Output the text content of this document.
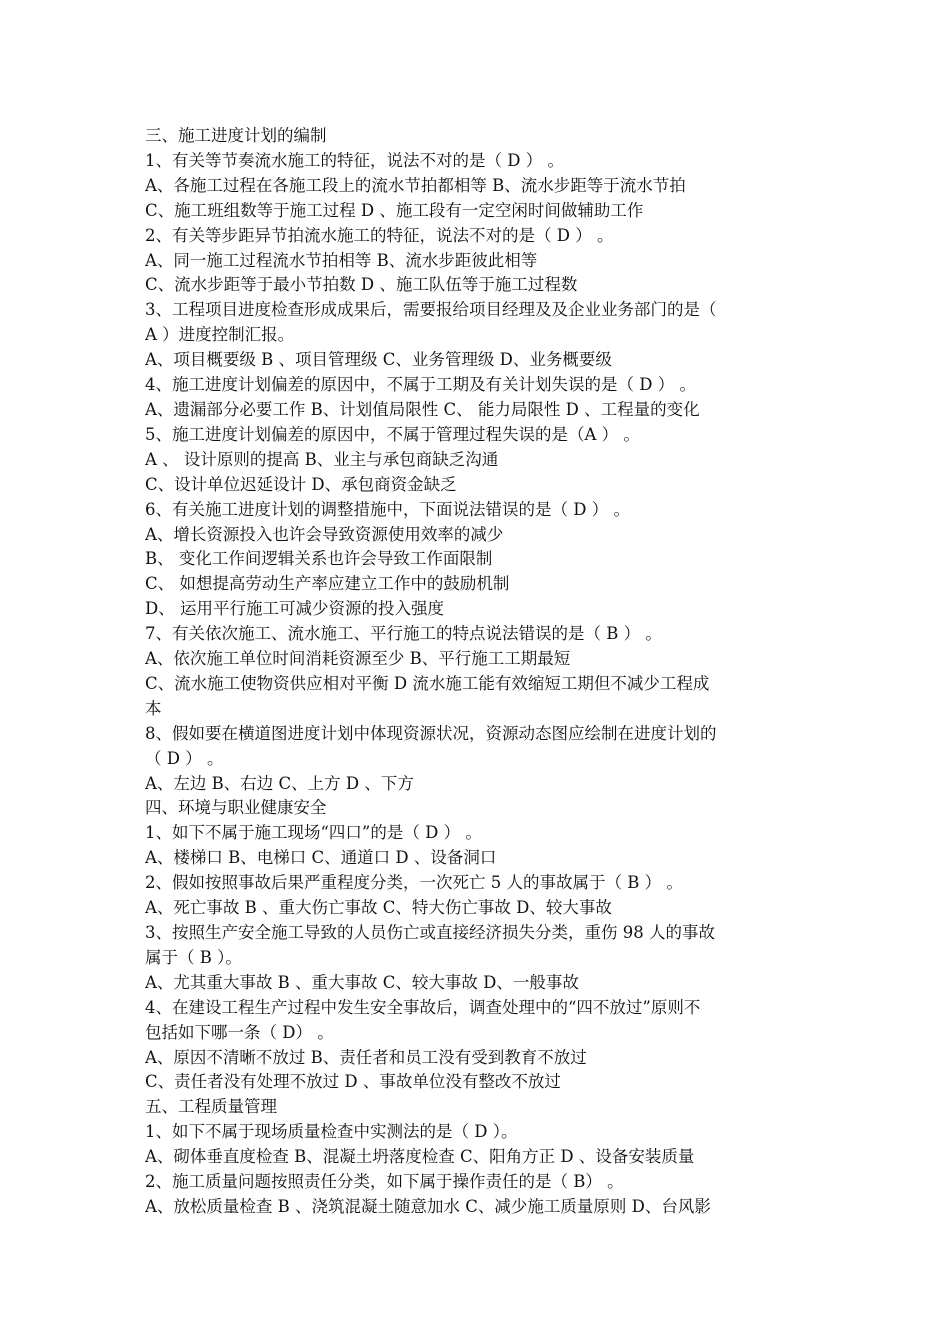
三、施工进度计划的编制
1、有关等节奏流水施工的特征，说法不对的是（ D ） 。
A、各施工过程在各施工段上的流水节拍都相等 B、流水步距等于流水节拍
C、施工班组数等于施工过程 D 、施工段有一定空闲时间做辅助工作
2、有关等步距异节拍流水施工的特征，说法不对的是（ D ） 。
A、同一施工过程流水节拍相等 B、流水步距彼此相等
C、流水步距等于最小节拍数 D 、施工队伍等于施工过程数
3、工程项目进度检查形成成果后，需要报给项目经理及及企业业务部门的是（
A ）进度控制汇报。
A、项目概要级 B 、项目管理级 C、业务管理级 D、业务概要级
4、施工进度计划偏差的原因中，不属于工期及有关计划失误的是（ D ） 。
A、遗漏部分必要工作 B、计划值局限性 C、 能力局限性 D 、工程量的变化
5、施工进度计划偏差的原因中，不属于管理过程失误的是（A ） 。
A 、 设计原则的提高 B、业主与承包商缺乏沟通
C、设计单位迟延设计 D、承包商资金缺乏
6、有关施工进度计划的调整措施中，下面说法错误的是（ D ） 。
A、增长资源投入也许会导致资源使用效率的减少
B、 变化工作间逻辑关系也许会导致工作面限制
C、 如想提高劳动生产率应建立工作中的鼓励机制
D、 运用平行施工可减少资源的投入强度
7、有关依次施工、流水施工、平行施工的特点说法错误的是（ B ） 。
A、依次施工单位时间消耗资源至少 B、平行施工工期最短
C、流水施工使物资供应相对平衡 D 流水施工能有效缩短工期但不减少工程成
本
8、假如要在横道图进度计划中体现资源状况，资源动态图应绘制在进度计划的
（ D ） 。
A、左边 B、右边 C、上方 D 、下方
四、环境与职业健康安全
1、如下不属于施工现场“四口”的是（ D ） 。
A、楼梯口 B、电梯口 C、通道口 D 、设备洞口
2、假如按照事故后果严重程度分类，一次死亡 5 人的事故属于（ B ） 。
A、死亡事故 B 、重大伤亡事故 C、特大伤亡事故 D、较大事故
3、按照生产安全施工导致的人员伤亡或直接经济损失分类，重伤 98 人的事故
属于（ B ）。
A、尤其重大事故 B 、重大事故 C、较大事故 D、一般事故
4、在建设工程生产过程中发生安全事故后，调查处理中的“四不放过”原则不
包括如下哪一条（ D） 。
A、原因不清晰不放过 B、责任者和员工没有受到教育不放过
C、责任者没有处理不放过 D 、事故单位没有整改不放过
五、工程质量管理
1、如下不属于现场质量检查中实测法的是（ D ）。
A、砌体垂直度检查 B、混凝土坍落度检查 C、阳角方正 D 、设备安装质量
2、施工质量问题按照责任分类，如下属于操作责任的是（ B） 。
A、放松质量检查 B 、浇筑混凝土随意加水 C、减少施工质量原则 D、台风影
